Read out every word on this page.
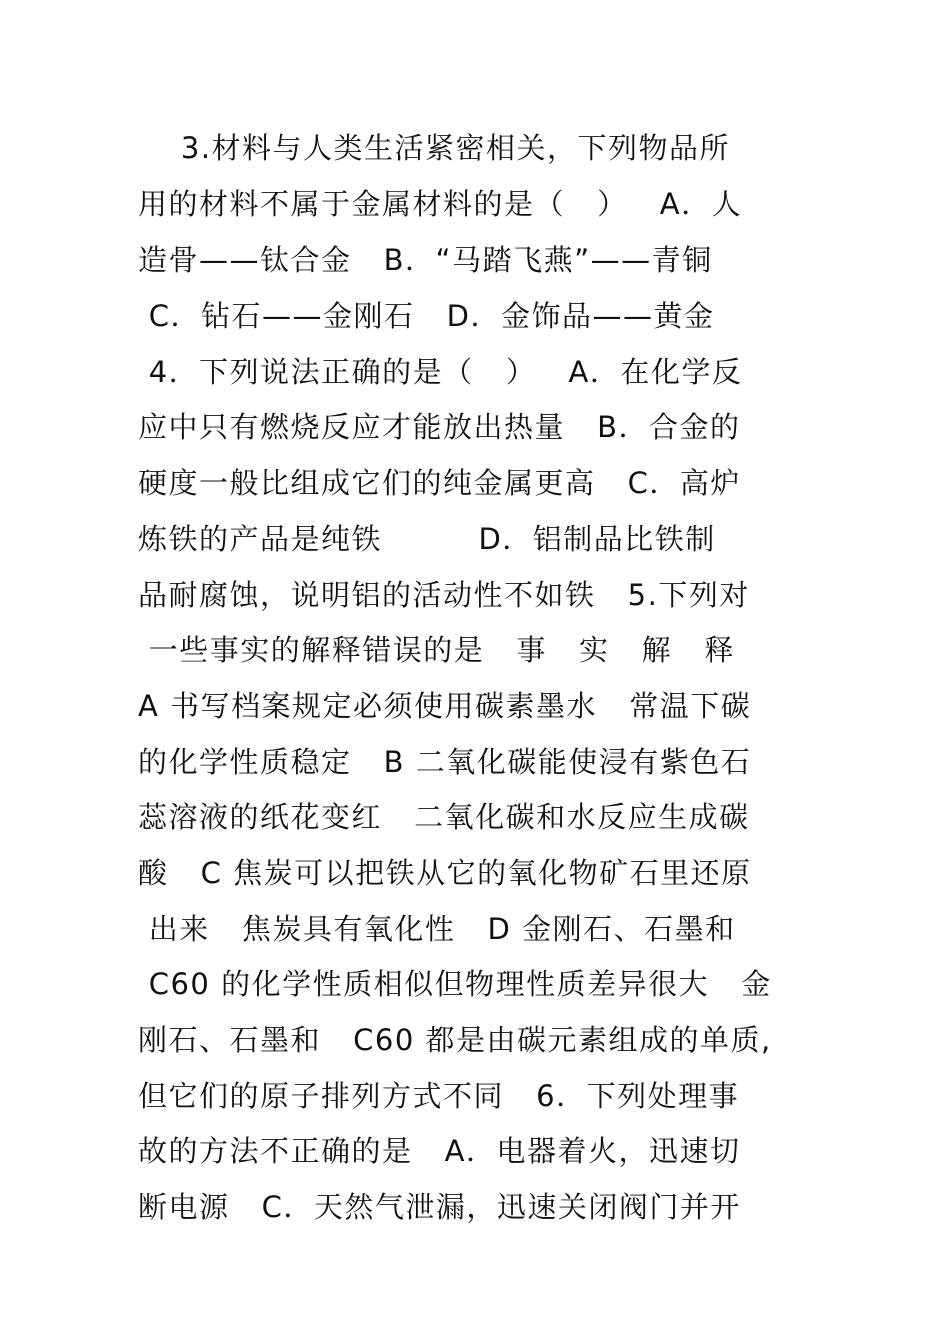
3.材料与人类生活紧密相关，下列物品所
用的材料不属于金属材料的是（   ）   A．人
造骨——钛合金   B．“马踏飞燕”——青铜
C．钻石——金刚石   D．金饰品——黄金
4．下列说法正确的是（   ）   A．在化学反
应中只有燃烧反应才能放出热量   B．合金的
硬度一般比组成它们的纯金属更高   C．高炉
炼铁的产品是纯铁         D．铝制品比铁制
品耐腐蚀，说明铝的活动性不如铁   5.下列对
一些事实的解释错误的是   事   实   解   释
A 书写档案规定必须使用碳素墨水   常温下碳
的化学性质稳定   B 二氧化碳能使浸有紫色石
蕊溶液的纸花变红   二氧化碳和水反应生成碳
酸   C 焦炭可以把铁从它的氧化物矿石里还原
出来   焦炭具有氧化性   D 金刚石、石墨和
C60 的化学性质相似但物理性质差异很大   金
刚石、石墨和   C60 都是由碳元素组成的单质,
但它们的原子排列方式不同   6．下列处理事
故的方法不正确的是   A．电器着火，迅速切
断电源   C．天然气泄漏，迅速关闭阀门并开
